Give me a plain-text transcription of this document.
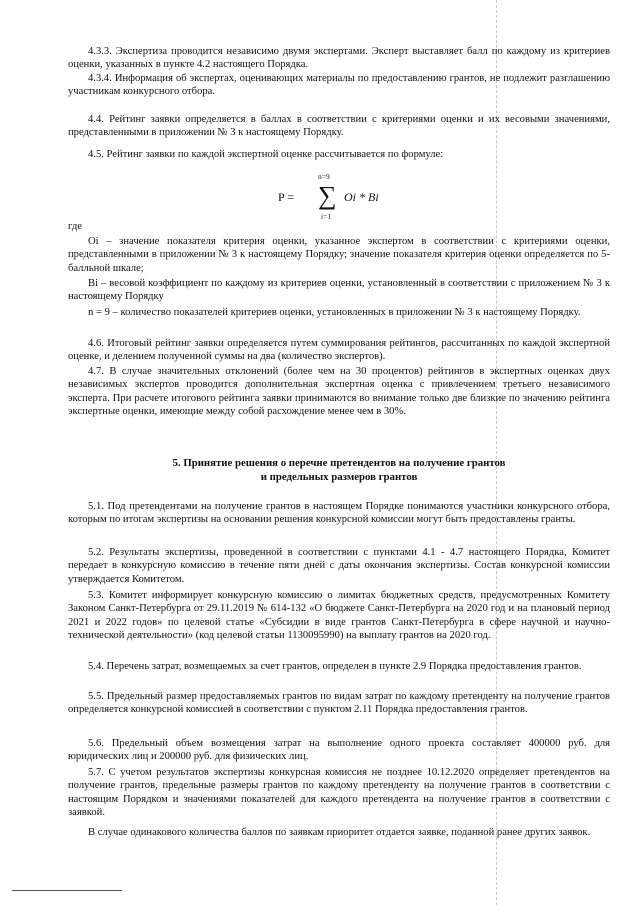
4.3.3. Экспертиза проводится независимо двумя экспертами. Эксперт выставляет балл по каждому из критериев оценки, указанных в пункте 4.2 настоящего Порядка.
4.3.4. Информация об экспертах, оценивающих материалы по предоставлению грантов, не подлежит разглашению участникам конкурсного отбора.
4.4. Рейтинг заявки определяется в баллах в соответствии с критериями оценки и их весовыми значениями, представленными в приложении № 3 к настоящему Порядку.
4.5. Рейтинг заявки по каждой экспертной оценке рассчитывается по формуле:
P =
n=9
∑
i=1
Oi * Bi
где
Oi – значение показателя критерия оценки, указанное экспертом в соответствии с критериями оценки, представленными в приложении № 3 к настоящему Порядку; значение показателя критерия оценки определяется по 5-балльной шкале;
Bi – весовой коэффициент по каждому из критериев оценки, установленный в соответствии с приложением № 3 к настоящему Порядку
n = 9 – количество показателей критериев оценки, установленных в приложении № 3 к настоящему Порядку.
4.6. Итоговый рейтинг заявки определяется путем суммирования рейтингов, рассчитанных по каждой экспертной оценке, и делением полученной суммы на два (количество экспертов).
4.7. В случае значительных отклонений (более чем на 30 процентов) рейтингов в экспертных оценках двух независимых экспертов проводится дополнительная экспертная оценка с привлечением третьего независимого эксперта. При расчете итогового рейтинга заявки принимаются во внимание только две близкие по значению рейтинга экспертные оценки, имеющие между собой расхождение менее чем в 30%.
5. Принятие решения о перечне претендентов на получение грантов
и предельных размеров грантов
5.1. Под претендентами на получение грантов в настоящем Порядке понимаются участники конкурсного отбора, которым по итогам экспертизы на основании решения конкурсной комиссии могут быть предоставлены гранты.
5.2. Результаты экспертизы, проведенной в соответствии с пунктами 4.1 - 4.7 настоящего Порядка, Комитет передает в конкурсную комиссию в течение пяти дней с даты окончания экспертизы. Состав конкурсной комиссии утверждается Комитетом.
5.3. Комитет информирует конкурсную комиссию о лимитах бюджетных средств, предусмотренных Комитету Законом Санкт-Петербурга от 29.11.2019 № 614-132 «О бюджете Санкт-Петербурга на 2020 год и на плановый период 2021 и 2022 годов» по целевой статье «Субсидии в виде грантов Санкт-Петербурга в сфере научной и научно-технической деятельности» (код целевой статьи 1130095990) на выплату грантов на 2020 год.
5.4. Перечень затрат, возмещаемых за счет грантов, определен в пункте 2.9 Порядка предоставления грантов.
5.5. Предельный размер предоставляемых грантов по видам затрат по каждому претенденту на получение грантов определяется конкурсной комиссией в соответствии с пунктом 2.11 Порядка предоставления грантов.
5.6. Предельный объем возмещения затрат на выполнение одного проекта составляет 400000 руб. для юридических лиц и 200000 руб. для физических лиц.
5.7. С учетом результатов экспертизы конкурсная комиссия не позднее 10.12.2020 определяет претендентов на получение грантов, предельные размеры грантов по каждому претенденту на получение грантов в соответствии с настоящим Порядком и значениями показателей для каждого претендента на получение грантов в соответствии с заявкой.
В случае одинакового количества баллов по заявкам приоритет отдается заявке, поданной ранее других заявок.
